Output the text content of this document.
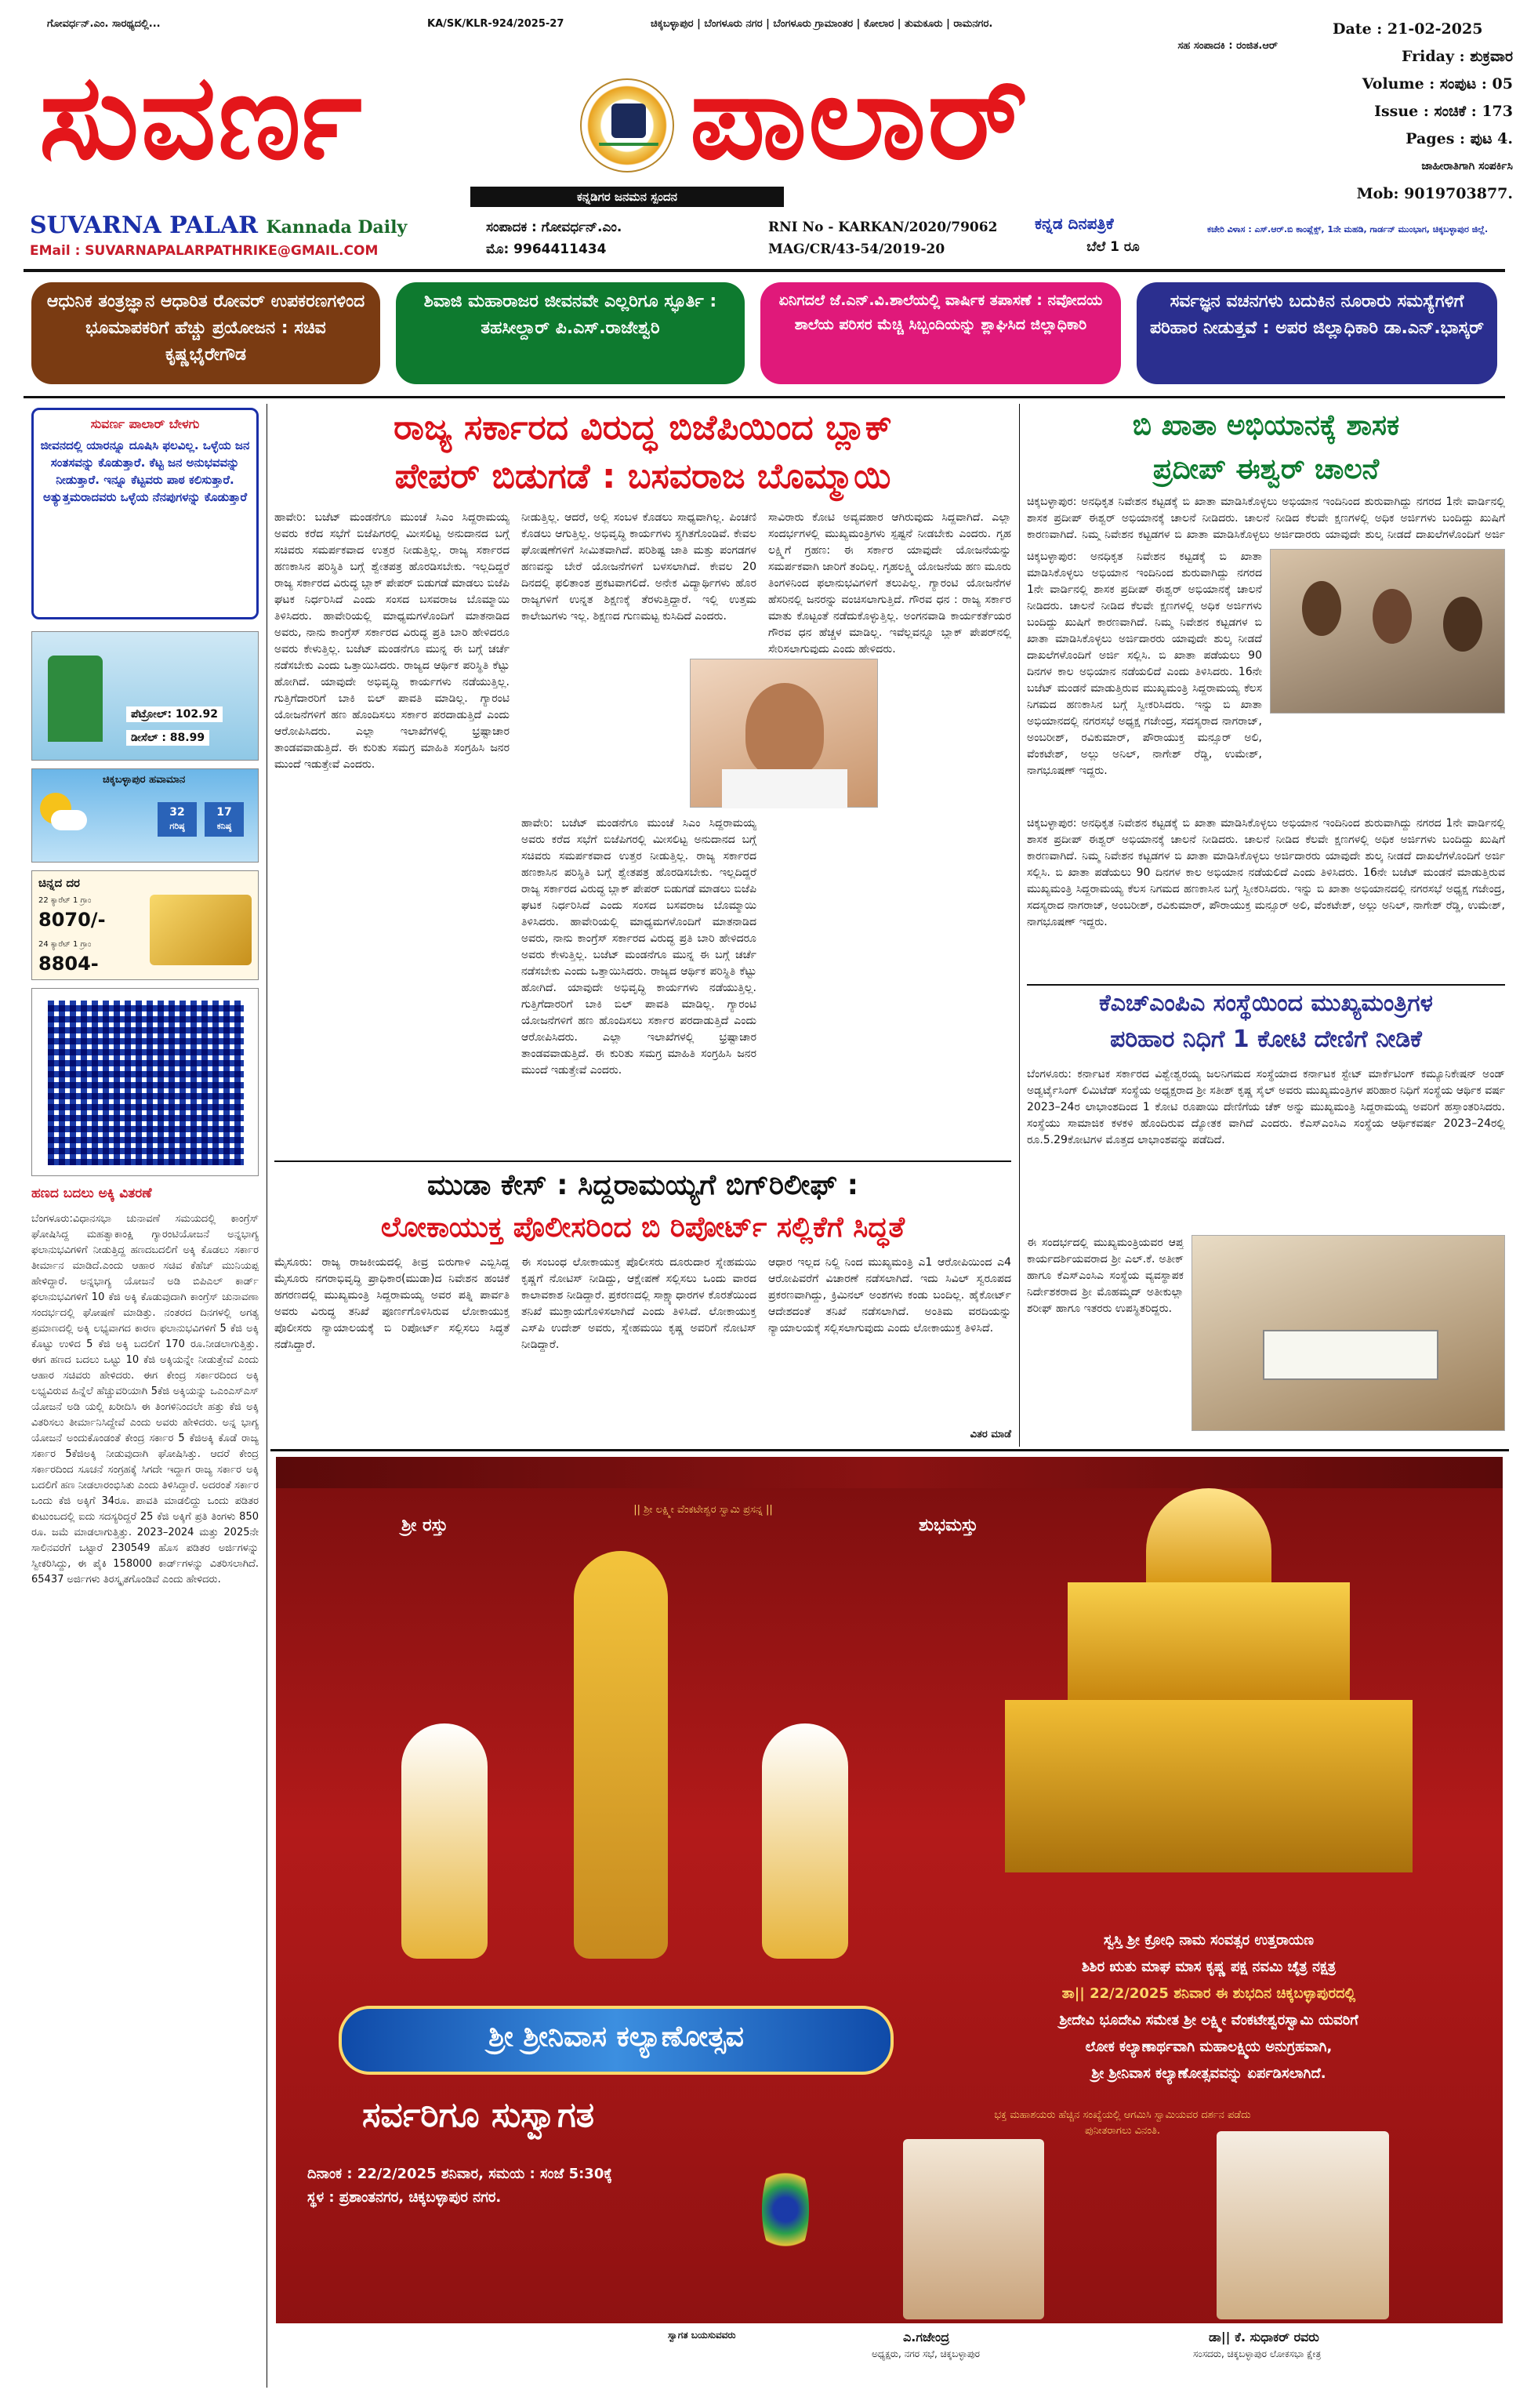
ಗೋವರ್ಧನ್.ಎಂ. ಸಾರಥ್ಯದಲ್ಲಿ...	KA/SK/KLR-924/2025-27	ಚಿಕ್ಕಬಳ್ಳಾಪುರ | ಬೆಂಗಳೂರು ನಗರ | ಬೆಂಗಳೂರು ಗ್ರಾಮಾಂತರ | ಕೋಲಾರ | ತುಮಕೂರು | ರಾಮನಗರ.
ಸಹ ಸಂಪಾದಕಿ : ರಂಜಿತ.ಆರ್
Date : 21-02-2025
Friday : ಶುಕ್ರವಾರ
Volume : ಸಂಪುಟ : 05
Issue : ಸಂಚಿಕೆ : 173
Pages : ಪುಟ 4.
ಜಾಹೀರಾತಿಗಾಗಿ ಸಂಪರ್ಕಿಸಿ
Mob: 9019703877.
ಸುವರ್ಣ	ಪಾಲಾರ್
ಕನ್ನಡಿಗರ ಜನಮನ ಸ್ಪಂದನ
SUVARNA PALAR Kannada Daily
EMail : SUVARNAPALARPATHRIKE@GMAIL.COM
ಸಂಪಾದಕ : ಗೋವರ್ಧನ್.ಎಂ.
ಮೊ: 9964411434
RNI No - KARKAN/2020/79062
MAG/CR/43-54/2019-20
ಕನ್ನಡ ದಿನಪತ್ರಿಕೆ
ಬೆಲೆ 1 ರೂ
ಕಚೇರಿ ವಿಳಾಸ : ಎಸ್.ಆರ್.ಬಿ ಕಾಂಪ್ಲೆಕ್ಸ್, 1ನೇ ಮಹಡಿ, ಗಾರ್ಡನ್ ಮುಂಭಾಗ, ಚಿಕ್ಕಬಳ್ಳಾಪುರ ಜಿಲ್ಲೆ.
ಆಧುನಿಕ ತಂತ್ರಜ್ಞಾನ ಆಧಾರಿತ ರೋವರ್ ಉಪಕರಣಗಳಿಂದ ಭೂಮಾಪಕರಿಗೆ ಹೆಚ್ಚು ಪ್ರಯೋಜನ : ಸಚಿವ ಕೃಷ್ಣಭೈರೇಗೌಡ
ಶಿವಾಜಿ ಮಹಾರಾಜರ ಜೀವನವೇ ಎಲ್ಲರಿಗೂ ಸ್ಫೂರ್ತಿ : ತಹಸೀಲ್ದಾರ್ ಪಿ.ಎಸ್.ರಾಜೇಶ್ವರಿ
ಏನಿಗದಲೆ ಜೆ.ಎನ್.ವಿ.ಶಾಲೆಯಲ್ಲಿ ವಾರ್ಷಿಕ ತಪಾಸಣೆ : ನವೋದಯ ಶಾಲೆಯ ಪರಿಸರ ಮೆಚ್ಚಿ ಸಿಬ್ಬಂದಿಯನ್ನು ಶ್ಲಾಘಿಸಿದ ಜಿಲ್ಲಾಧಿಕಾರಿ
ಸರ್ವಜ್ಞನ ವಚನಗಳು ಬದುಕಿನ ನೂರಾರು ಸಮಸ್ಯೆಗಳಿಗೆ ಪರಿಹಾರ ನೀಡುತ್ತವೆ : ಅಪರ ಜಿಲ್ಲಾಧಿಕಾರಿ ಡಾ.ಎನ್.ಭಾಸ್ಕರ್
ಸುವರ್ಣ ಪಾಲಾರ್ ಬೇಳಗು
ಜೀವನದಲ್ಲಿ ಯಾರನ್ನೂ ದೂಷಿಸಿ ಫಲವಿಲ್ಲ. ಒಳ್ಳೆಯ ಜನ ಸಂತಸವನ್ನು ಕೊಡುತ್ತಾರೆ. ಕೆಟ್ಟ ಜನ ಅನುಭವವನ್ನು ನೀಡುತ್ತಾರೆ. ಇನ್ನೂ ಕೆಟ್ಟವರು ಪಾಠ ಕಲಿಸುತ್ತಾರೆ. ಅತ್ಯುತ್ತಮರಾದವರು ಒಳ್ಳೆಯ ನೆನಪುಗಳನ್ನು ಕೊಡುತ್ತಾರೆ
ಪೆಟ್ರೋಲ್: 102.92
ಡೀಸೆಲ್ : 88.99
ಚಿಕ್ಕಬಳ್ಳಾಪುರ ಹವಾಮಾನ
32
ಗರಿಷ್ಠ
17
ಕನಿಷ್ಠ
ಚಿನ್ನದ ದರ
22 ಕ್ಯಾರೆಟ್ 1 ಗ್ರಾಂ
8070/-
24 ಕ್ಯಾರೆಟ್ 1 ಗ್ರಾಂ
8804-
ಹಣದ ಬದಲು ಅಕ್ಕಿ ವಿತರಣೆ
ಬೆಂಗಳೂರು:ವಿಧಾನಸಭಾ ಚುನಾವಣೆ ಸಮಯದಲ್ಲಿ ಕಾಂಗ್ರೆಸ್ ಘೋಷಿಸಿದ್ದ ಮಹತ್ವಾಕಾಂಕ್ಷಿ ಗ್ಯಾರಂಟಿಯೋಜನೆ ಅನ್ನಭಾಗ್ಯ ಫಲಾನುಭವಿಗಳಿಗೆ ನೀಡುತ್ತಿದ್ದ ಹಣದಬದಲಿಗೆ ಅಕ್ಕಿ ಕೊಡಲು ಸರ್ಕಾರ ತೀರ್ಮಾನ ಮಾಡಿದೆ.ಎಂದು ಆಹಾರ ಸಚಿವ ಕೆಹೆಚ್ ಮುನಿಯಪ್ಪ ಹೇಳಿದ್ದಾರೆ. ಅನ್ನಭಾಗ್ಯ ಯೋಜನೆ ಅಡಿ ಬಿಪಿಎಲ್ ಕಾರ್ಡ್ ಫಲಾನುಭವಿಗಳಿಗೆ 10 ಕೆಜಿ ಅಕ್ಕಿ ಕೊಡುವುದಾಗಿ ಕಾಂಗ್ರೆಸ್ ಚುನಾವಣಾ ಸಂದರ್ಭದಲ್ಲಿ ಘೋಷಣೆ ಮಾಡಿತ್ತು. ನಂತರದ ದಿನಗಳಲ್ಲಿ ಅಗತ್ಯ ಪ್ರಮಾಣದಲ್ಲಿ ಅಕ್ಕಿ ಲಭ್ಯವಾಗದ ಕಾರಣ ಫಲಾನುಭವಿಗಳಿಗೆ 5 ಕೆಜಿ ಅಕ್ಕಿ ಕೊಟ್ಟು ಉಳಿದ 5 ಕೆಜಿ ಅಕ್ಕಿ ಬದಲಿಗೆ 170 ರೂ.ನೀಡಲಾಗುತ್ತಿತ್ತು. ಈಗ ಹಣದ ಬದಲು ಒಟ್ಟು 10 ಕೆಜಿ ಅಕ್ಕಿಯನ್ನೇ ನೀಡುತ್ತೇವೆ ಎಂದು ಆಹಾರ ಸಚಿವರು ಹೇಳಿದರು. ಈಗ ಕೇಂದ್ರ ಸರ್ಕಾರದಿಂದ ಅಕ್ಕಿ ಲಭ್ಯವಿರುವ ಹಿನ್ನೆಲೆ ಹೆಚ್ಚುವರಿಯಾಗಿ 5ಕೆಜಿ ಅಕ್ಕಿಯನ್ನು ಒಎಂಎಸ್ಎಸ್ ಯೋಜನೆ ಅಡಿ ಯಲ್ಲಿ ಖರೀದಿಸಿ ಈ ತಿಂಗಳಿನಿಂದಲೇ ಹತ್ತು ಕೆಜಿ ಅಕ್ಕಿ ವಿತರಿಸಲು ತೀರ್ಮಾನಿಸಿದ್ದೇವೆ ಎಂದು ಅವರು ಹೇಳಿದರು. ಅನ್ನ ಭಾಗ್ಯ ಯೋಜನೆ ಅಂದುಕೊಂಡಂತೆ ಕೇಂದ್ರ ಸರ್ಕಾರ 5 ಕೆಜಿಅಕ್ಕಿ ಕೊಡೆ ರಾಜ್ಯ ಸರ್ಕಾರ 5ಕೆಜಿಅಕ್ಕಿ ನೀಡುವುದಾಗಿ ಘೋಷಿಸಿತ್ತು. ಆದರೆ ಕೇಂದ್ರ ಸರ್ಕಾರದಿಂದ ಸೂಚನೆ ಸಂಗ್ರಹಕ್ಕೆ ಸಿಗದೇ ಇದ್ದಾಗ ರಾಜ್ಯ ಸರ್ಕಾರ ಅಕ್ಕಿ ಬದಲಿಗೆ ಹಣ ನೀಡಲಾರಂಭಿಸಿತು ಎಂದು ತಿಳಿಸಿದ್ದಾರೆ. ಅದರಂತೆ ಸರ್ಕಾರ ಒಂದು ಕೆಜಿ ಅಕ್ಕಿಗೆ 34ರೂ. ಪಾವತಿ ಮಾಡಲಿದ್ದು ಒಂದು ಪಡಿತರ ಕುಟುಂಬದಲ್ಲಿ ಐದು ಸದಸ್ಯರಿದ್ದರೆ 25 ಕೆಜಿ ಅಕ್ಕಿಗೆ ಪ್ರತಿ ತಿಂಗಳು 850 ರೂ. ಜಮೆ ಮಾಡಲಾಗುತ್ತಿತ್ತು. 2023–2024 ಮತ್ತು 2025ನೇ ಸಾಲಿನವರೆಗೆ ಒಟ್ಟಾರೆ 230549 ಹೊಸ ಪಡಿತರ ಅರ್ಜಿಗಳನ್ನು ಸ್ವೀಕರಿಸಿದ್ದು, ಈ ಪೈಕಿ 158000 ಕಾರ್ಡ್‌ಗಳನ್ನು ವಿತರಿಸಲಾಗಿದೆ. 65437 ಅರ್ಜಿಗಳು ತಿರಸ್ಕೃತಗೊಂಡಿವೆ ಎಂದು ಹೇಳಿದರು.
ರಾಜ್ಯ ಸರ್ಕಾರದ ವಿರುದ್ಧ ಬಿಜೆಪಿಯಿಂದ ಬ್ಲಾಕ್
ಪೇಪರ್ ಬಿಡುಗಡೆ : ಬಸವರಾಜ ಬೊಮ್ಮಾಯಿ
ಹಾವೇರಿ: ಬಜೆಟ್ ಮಂಡನೆಗೂ ಮುಂಚೆ ಸಿಎಂ ಸಿದ್ದರಾಮಯ್ಯ ಅವರು ಕರೆದ ಸಭೆಗೆ ಬಿಜೆಪಿಗರಲ್ಲಿ ಮೀಸಲಿಟ್ಟ ಅನುದಾನದ ಬಗ್ಗೆ ಸಚಿವರು ಸಮರ್ಪಕವಾದ ಉತ್ತರ ನೀಡುತ್ತಿಲ್ಲ. ರಾಜ್ಯ ಸರ್ಕಾರದ ಹಣಕಾಸಿನ ಪರಿಸ್ಥಿತಿ ಬಗ್ಗೆ ಶ್ವೇತಪತ್ರ ಹೊರಡಿಸಬೇಕು. ಇಲ್ಲದಿದ್ದರೆ ರಾಜ್ಯ ಸರ್ಕಾರದ ವಿರುದ್ಧ ಬ್ಲಾಕ್ ಪೇಪರ್ ಬಿಡುಗಡೆ ಮಾಡಲು ಬಿಜೆಪಿ ಘಟಕ ನಿರ್ಧರಿಸಿದೆ ಎಂದು ಸಂಸದ ಬಸವರಾಜ ಬೊಮ್ಮಾಯಿ ತಿಳಿಸಿದರು. ಹಾವೇರಿಯಲ್ಲಿ ಮಾಧ್ಯಮಗಳೊಂದಿಗೆ ಮಾತನಾಡಿದ ಅವರು, ನಾನು ಕಾಂಗ್ರೆಸ್ ಸರ್ಕಾರದ ವಿರುದ್ಧ ಪ್ರತಿ ಬಾರಿ ಹೇಳಿದರೂ ಅವರು ಕೇಳುತ್ತಿಲ್ಲ. ಬಜೆಟ್ ಮಂಡನೆಗೂ ಮುನ್ನ ಈ ಬಗ್ಗೆ ಚರ್ಚೆ ನಡೆಸಬೇಕು ಎಂದು ಒತ್ತಾಯಿಸಿದರು. ರಾಜ್ಯದ ಆರ್ಥಿಕ ಪರಿಸ್ಥಿತಿ ಕೆಟ್ಟು ಹೋಗಿದೆ. ಯಾವುದೇ ಅಭಿವೃದ್ಧಿ ಕಾರ್ಯಗಳು ನಡೆಯುತ್ತಿಲ್ಲ. ಗುತ್ತಿಗೆದಾರರಿಗೆ ಬಾಕಿ ಬಿಲ್ ಪಾವತಿ ಮಾಡಿಲ್ಲ. ಗ್ಯಾರಂಟಿ ಯೋಜನೆಗಳಿಗೆ ಹಣ ಹೊಂದಿಸಲು ಸರ್ಕಾರ ಪರದಾಡುತ್ತಿದೆ ಎಂದು ಆರೋಪಿಸಿದರು. ಎಲ್ಲಾ ಇಲಾಖೆಗಳಲ್ಲಿ ಭ್ರಷ್ಟಾಚಾರ ತಾಂಡವವಾಡುತ್ತಿದೆ. ಈ ಕುರಿತು ಸಮಗ್ರ ಮಾಹಿತಿ ಸಂಗ್ರಹಿಸಿ ಜನರ ಮುಂದೆ ಇಡುತ್ತೇವೆ ಎಂದರು.
ನೀಡುತ್ತಿಲ್ಲ. ಆದರೆ, ಅಲ್ಲಿ ಸಂಬಳ ಕೊಡಲು ಸಾಧ್ಯವಾಗಿಲ್ಲ. ಪಿಂಚಣಿ ಕೊಡಲು ಆಗುತ್ತಿಲ್ಲ. ಅಭಿವೃದ್ಧಿ ಕಾರ್ಯಗಳು ಸ್ಥಗಿತಗೊಂಡಿವೆ. ಕೇವಲ ಘೋಷಣೆಗಳಿಗೆ ಸೀಮಿತವಾಗಿದೆ. ಪರಿಶಿಷ್ಟ ಜಾತಿ ಮತ್ತು ಪಂಗಡಗಳ ಹಣವನ್ನು ಬೇರೆ ಯೋಜನೆಗಳಿಗೆ ಬಳಸಲಾಗಿದೆ. ಕೇವಲ 20 ದಿನದಲ್ಲಿ ಫಲಿತಾಂಶ ಪ್ರಕಟವಾಗಲಿದೆ. ಅನೇಕ ವಿದ್ಯಾರ್ಥಿಗಳು ಹೊರ ರಾಜ್ಯಗಳಿಗೆ ಉನ್ನತ ಶಿಕ್ಷಣಕ್ಕೆ ತೆರಳುತ್ತಿದ್ದಾರೆ. ಇಲ್ಲಿ ಉತ್ತಮ ಕಾಲೇಜುಗಳು ಇಲ್ಲ. ಶಿಕ್ಷಣದ ಗುಣಮಟ್ಟ ಕುಸಿದಿದೆ ಎಂದರು.
ಹಾವೇರಿ: ಬಜೆಟ್ ಮಂಡನೆಗೂ ಮುಂಚೆ ಸಿಎಂ ಸಿದ್ದರಾಮಯ್ಯ ಅವರು ಕರೆದ ಸಭೆಗೆ ಬಿಜೆಪಿಗರಲ್ಲಿ ಮೀಸಲಿಟ್ಟ ಅನುದಾನದ ಬಗ್ಗೆ ಸಚಿವರು ಸಮರ್ಪಕವಾದ ಉತ್ತರ ನೀಡುತ್ತಿಲ್ಲ. ರಾಜ್ಯ ಸರ್ಕಾರದ ಹಣಕಾಸಿನ ಪರಿಸ್ಥಿತಿ ಬಗ್ಗೆ ಶ್ವೇತಪತ್ರ ಹೊರಡಿಸಬೇಕು. ಇಲ್ಲದಿದ್ದರೆ ರಾಜ್ಯ ಸರ್ಕಾರದ ವಿರುದ್ಧ ಬ್ಲಾಕ್ ಪೇಪರ್ ಬಿಡುಗಡೆ ಮಾಡಲು ಬಿಜೆಪಿ ಘಟಕ ನಿರ್ಧರಿಸಿದೆ ಎಂದು ಸಂಸದ ಬಸವರಾಜ ಬೊಮ್ಮಾಯಿ ತಿಳಿಸಿದರು. ಹಾವೇರಿಯಲ್ಲಿ ಮಾಧ್ಯಮಗಳೊಂದಿಗೆ ಮಾತನಾಡಿದ ಅವರು, ನಾನು ಕಾಂಗ್ರೆಸ್ ಸರ್ಕಾರದ ವಿರುದ್ಧ ಪ್ರತಿ ಬಾರಿ ಹೇಳಿದರೂ ಅವರು ಕೇಳುತ್ತಿಲ್ಲ. ಬಜೆಟ್ ಮಂಡನೆಗೂ ಮುನ್ನ ಈ ಬಗ್ಗೆ ಚರ್ಚೆ ನಡೆಸಬೇಕು ಎಂದು ಒತ್ತಾಯಿಸಿದರು. ರಾಜ್ಯದ ಆರ್ಥಿಕ ಪರಿಸ್ಥಿತಿ ಕೆಟ್ಟು ಹೋಗಿದೆ. ಯಾವುದೇ ಅಭಿವೃದ್ಧಿ ಕಾರ್ಯಗಳು ನಡೆಯುತ್ತಿಲ್ಲ. ಗುತ್ತಿಗೆದಾರರಿಗೆ ಬಾಕಿ ಬಿಲ್ ಪಾವತಿ ಮಾಡಿಲ್ಲ. ಗ್ಯಾರಂಟಿ ಯೋಜನೆಗಳಿಗೆ ಹಣ ಹೊಂದಿಸಲು ಸರ್ಕಾರ ಪರದಾಡುತ್ತಿದೆ ಎಂದು ಆರೋಪಿಸಿದರು. ಎಲ್ಲಾ ಇಲಾಖೆಗಳಲ್ಲಿ ಭ್ರಷ್ಟಾಚಾರ ತಾಂಡವವಾಡುತ್ತಿದೆ. ಈ ಕುರಿತು ಸಮಗ್ರ ಮಾಹಿತಿ ಸಂಗ್ರಹಿಸಿ ಜನರ ಮುಂದೆ ಇಡುತ್ತೇವೆ ಎಂದರು.
ಸಾವಿರಾರು ಕೋಟಿ ಅವ್ಯವಹಾರ ಆಗಿರುವುದು ಸಿದ್ದವಾಗಿದೆ. ಎಲ್ಲಾ ಸಂದರ್ಭಗಳಲ್ಲಿ ಮುಖ್ಯಮಂತ್ರಿಗಳು ಸ್ಪಷ್ಟನೆ ನೀಡಬೇಕು ಎಂದರು. ಗೃಹ ಲಕ್ಷ್ಮಿಗೆ ಗ್ರಹಣ: ಈ ಸರ್ಕಾರ ಯಾವುದೇ ಯೋಜನೆಯನ್ನು ಸಮರ್ಪಕವಾಗಿ ಜಾರಿಗೆ ತಂದಿಲ್ಲ. ಗೃಹಲಕ್ಷ್ಮಿ ಯೋಜನೆಯ ಹಣ ಮೂರು ತಿಂಗಳಿನಿಂದ ಫಲಾನುಭವಿಗಳಿಗೆ ತಲುಪಿಲ್ಲ. ಗ್ಯಾರಂಟಿ ಯೋಜನೆಗಳ ಹೆಸರಿನಲ್ಲಿ ಜನರನ್ನು ವಂಚಿಸಲಾಗುತ್ತಿದೆ. ಗೌರವ ಧನ : ರಾಜ್ಯ ಸರ್ಕಾರ ಮಾತು ಕೊಟ್ಟಂತೆ ನಡೆದುಕೊಳ್ಳುತ್ತಿಲ್ಲ. ಅಂಗನವಾಡಿ ಕಾರ್ಯಕರ್ತೆಯರ ಗೌರವ ಧನ ಹೆಚ್ಚಳ ಮಾಡಿಲ್ಲ. ಇವೆಲ್ಲವನ್ನೂ ಬ್ಲಾಕ್ ಪೇಪರ್‌ನಲ್ಲಿ ಸೇರಿಸಲಾಗುವುದು ಎಂದು ಹೇಳಿದರು.
ಮುಡಾ ಕೇಸ್ : ಸಿದ್ದರಾಮಯ್ಯಗೆ ಬಿಗ್‌ರಿಲೀಫ್ :
ಲೋಕಾಯುಕ್ತ ಪೊಲೀಸರಿಂದ ಬಿ ರಿಪೋರ್ಟ್ ಸಲ್ಲಿಕೆಗೆ ಸಿದ್ಧತೆ
ಮೈಸೂರು: ರಾಜ್ಯ ರಾಜಕೀಯದಲ್ಲಿ ತೀವ್ರ ಬಿರುಗಾಳಿ ಎಬ್ಬಿಸಿದ್ದ ಮೈಸೂರು ನಗರಾಭಿವೃದ್ಧಿ ಪ್ರಾಧಿಕಾರ(ಮುಡಾ)ದ ನಿವೇಶನ ಹಂಚಿಕೆ ಹಗರಣದಲ್ಲಿ ಮುಖ್ಯಮಂತ್ರಿ ಸಿದ್ದರಾಮಯ್ಯ ಅವರ ಪತ್ನಿ ಪಾರ್ವತಿ ಅವರು ವಿರುದ್ಧ ತನಿಖೆ ಪೂರ್ಣಗೊಳಿಸಿರುವ ಲೋಕಾಯುಕ್ತ ಪೊಲೀಸರು ನ್ಯಾಯಾಲಯಕ್ಕೆ ಬಿ ರಿಪೋರ್ಟ್ ಸಲ್ಲಿಸಲು ಸಿದ್ಧತೆ ನಡೆಸಿದ್ದಾರೆ.
ಈ ಸಂಬಂಧ ಲೋಕಾಯುಕ್ತ ಪೊಲೀಸರು ದೂರುದಾರ ಸ್ನೇಹಮಯಿ ಕೃಷ್ಣಗೆ ನೋಟಿಸ್ ನೀಡಿದ್ದು, ಆಕ್ಷೇಪಣೆ ಸಲ್ಲಿಸಲು ಒಂದು ವಾರದ ಕಾಲಾವಕಾಶ ನೀಡಿದ್ದಾರೆ. ಪ್ರಕರಣದಲ್ಲಿ ಸಾಕ್ಷ್ಯಾಧಾರಗಳ ಕೊರತೆಯಿಂದ ತನಿಖೆ ಮುಕ್ತಾಯಗೊಳಿಸಲಾಗಿದೆ ಎಂದು ತಿಳಿಸಿದೆ. ಲೋಕಾಯುಕ್ತ ಎಸ್‌ಪಿ ಉದೇಶ್ ಅವರು, ಸ್ನೇಹಮಯಿ ಕೃಷ್ಣ ಅವರಿಗೆ ನೋಟಿಸ್ ನೀಡಿದ್ದಾರೆ.
ಆಧಾರ ಇಲ್ಲದ ನಿಲ್ದಿ ನಿಂದ ಮುಖ್ಯಮಂತ್ರಿ ಎ1 ಆರೋಪಿಯಿಂದ ಎ4 ಆರೋಪಿವರೆಗೆ ವಿಚಾರಣೆ ನಡೆಸಲಾಗಿದೆ. ಇದು ಸಿವಿಲ್ ಸ್ವರೂಪದ ಪ್ರಕರಣವಾಗಿದ್ದು, ಕ್ರಿಮಿನಲ್ ಅಂಶಗಳು ಕಂಡು ಬಂದಿಲ್ಲ. ಹೈಕೋರ್ಟ್ ಆದೇಶದಂತೆ ತನಿಖೆ ನಡೆಸಲಾಗಿದೆ. ಅಂತಿಮ ವರದಿಯನ್ನು ನ್ಯಾಯಾಲಯಕ್ಕೆ ಸಲ್ಲಿಸಲಾಗುವುದು ಎಂದು ಲೋಕಾಯುಕ್ತ ತಿಳಿಸಿದೆ.
ವಿತರ ಮಾಡೆ
ಬಿ ಖಾತಾ ಅಭಿಯಾನಕ್ಕೆ ಶಾಸಕ
ಪ್ರದೀಪ್ ಈಶ್ವರ್ ಚಾಲನೆ
ಚಿಕ್ಕಬಳ್ಳಾಪುರ: ಅನಧಿಕೃತ ನಿವೇಶನ ಕಟ್ಟಡಕ್ಕೆ ಬಿ ಖಾತಾ ಮಾಡಿಸಿಕೊಳ್ಳಲು ಅಭಿಯಾನ ಇಂದಿನಿಂದ ಶುರುವಾಗಿದ್ದು ನಗರದ 1ನೇ ವಾರ್ಡಿನಲ್ಲಿ ಶಾಸಕ ಪ್ರದೀಪ್ ಈಶ್ವರ್ ಅಭಿಯಾನಕ್ಕೆ ಚಾಲನೆ ನೀಡಿದರು. ಚಾಲನೆ ನೀಡಿದ ಕೆಲವೇ ಕ್ಷಣಗಳಲ್ಲಿ ಅಧಿಕ ಅರ್ಜಿಗಳು ಬಂದಿದ್ದು ಖುಷಿಗೆ ಕಾರಣವಾಗಿದೆ. ನಿಮ್ಮ ನಿವೇಶನ ಕಟ್ಟಡಗಳ ಬಿ ಖಾತಾ ಮಾಡಿಸಿಕೊಳ್ಳಲು ಅರ್ಜಿದಾರರು ಯಾವುದೇ ಶುಲ್ಕ ನೀಡದೆ ದಾಖಲೆಗಳೊಂದಿಗೆ ಅರ್ಜಿ
ಚಿಕ್ಕಬಳ್ಳಾಪುರ: ಅನಧಿಕೃತ ನಿವೇಶನ ಕಟ್ಟಡಕ್ಕೆ ಬಿ ಖಾತಾ ಮಾಡಿಸಿಕೊಳ್ಳಲು ಅಭಿಯಾನ ಇಂದಿನಿಂದ ಶುರುವಾಗಿದ್ದು ನಗರದ 1ನೇ ವಾರ್ಡಿನಲ್ಲಿ ಶಾಸಕ ಪ್ರದೀಪ್ ಈಶ್ವರ್ ಅಭಿಯಾನಕ್ಕೆ ಚಾಲನೆ ನೀಡಿದರು. ಚಾಲನೆ ನೀಡಿದ ಕೆಲವೇ ಕ್ಷಣಗಳಲ್ಲಿ ಅಧಿಕ ಅರ್ಜಿಗಳು ಬಂದಿದ್ದು ಖುಷಿಗೆ ಕಾರಣವಾಗಿದೆ. ನಿಮ್ಮ ನಿವೇಶನ ಕಟ್ಟಡಗಳ ಬಿ ಖಾತಾ ಮಾಡಿಸಿಕೊಳ್ಳಲು ಅರ್ಜಿದಾರರು ಯಾವುದೇ ಶುಲ್ಕ ನೀಡದೆ ದಾಖಲೆಗಳೊಂದಿಗೆ ಅರ್ಜಿ ಸಲ್ಲಿಸಿ. ಬಿ ಖಾತಾ ಪಡೆಯಲು 90 ದಿನಗಳ ಕಾಲ ಅಭಿಯಾನ ನಡೆಯಲಿದೆ ಎಂದು ತಿಳಿಸಿದರು. 16ನೇ ಬಜೆಟ್ ಮಂಡನೆ ಮಾಡುತ್ತಿರುವ ಮುಖ್ಯಮಂತ್ರಿ ಸಿದ್ದರಾಮಯ್ಯ ಕೆಲಸ ನಿಗಮದ ಹಣಕಾಸಿನ ಬಗ್ಗೆ ಸ್ವೀಕರಿಸಿದರು. ಇನ್ನು ಬಿ ಖಾತಾ ಅಭಿಯಾನದಲ್ಲಿ ನಗರಸಭೆ ಅಧ್ಯಕ್ಷ ಗಜೇಂದ್ರ, ಸದಸ್ಯರಾದ ನಾಗರಾಜ್, ಅಂಬರೀಶ್, ರವಿಕುಮಾರ್, ಪೌರಾಯುಕ್ತ ಮನ್ಸೂರ್ ಅಲಿ, ವೆಂಕಟೇಶ್, ಅಲ್ಲು ಅನಿಲ್, ನಾಗೇಶ್ ರೆಡ್ಡಿ, ಉಮೇಶ್, ನಾಗಭೂಷಣ್ ಇದ್ದರು.
ಚಿಕ್ಕಬಳ್ಳಾಪುರ: ಅನಧಿಕೃತ ನಿವೇಶನ ಕಟ್ಟಡಕ್ಕೆ ಬಿ ಖಾತಾ ಮಾಡಿಸಿಕೊಳ್ಳಲು ಅಭಿಯಾನ ಇಂದಿನಿಂದ ಶುರುವಾಗಿದ್ದು ನಗರದ 1ನೇ ವಾರ್ಡಿನಲ್ಲಿ ಶಾಸಕ ಪ್ರದೀಪ್ ಈಶ್ವರ್ ಅಭಿಯಾನಕ್ಕೆ ಚಾಲನೆ ನೀಡಿದರು. ಚಾಲನೆ ನೀಡಿದ ಕೆಲವೇ ಕ್ಷಣಗಳಲ್ಲಿ ಅಧಿಕ ಅರ್ಜಿಗಳು ಬಂದಿದ್ದು ಖುಷಿಗೆ ಕಾರಣವಾಗಿದೆ. ನಿಮ್ಮ ನಿವೇಶನ ಕಟ್ಟಡಗಳ ಬಿ ಖಾತಾ ಮಾಡಿಸಿಕೊಳ್ಳಲು ಅರ್ಜಿದಾರರು ಯಾವುದೇ ಶುಲ್ಕ ನೀಡದೆ ದಾಖಲೆಗಳೊಂದಿಗೆ ಅರ್ಜಿ ಸಲ್ಲಿಸಿ. ಬಿ ಖಾತಾ ಪಡೆಯಲು 90 ದಿನಗಳ ಕಾಲ ಅಭಿಯಾನ ನಡೆಯಲಿದೆ ಎಂದು ತಿಳಿಸಿದರು. 16ನೇ ಬಜೆಟ್ ಮಂಡನೆ ಮಾಡುತ್ತಿರುವ ಮುಖ್ಯಮಂತ್ರಿ ಸಿದ್ದರಾಮಯ್ಯ ಕೆಲಸ ನಿಗಮದ ಹಣಕಾಸಿನ ಬಗ್ಗೆ ಸ್ವೀಕರಿಸಿದರು. ಇನ್ನು ಬಿ ಖಾತಾ ಅಭಿಯಾನದಲ್ಲಿ ನಗರಸಭೆ ಅಧ್ಯಕ್ಷ ಗಜೇಂದ್ರ, ಸದಸ್ಯರಾದ ನಾಗರಾಜ್, ಅಂಬರೀಶ್, ರವಿಕುಮಾರ್, ಪೌರಾಯುಕ್ತ ಮನ್ಸೂರ್ ಅಲಿ, ವೆಂಕಟೇಶ್, ಅಲ್ಲು ಅನಿಲ್, ನಾಗೇಶ್ ರೆಡ್ಡಿ, ಉಮೇಶ್, ನಾಗಭೂಷಣ್ ಇದ್ದರು.
ಕೆಎಚ್‌ಎಂಪಿಎ ಸಂಸ್ಥೆಯಿಂದ ಮುಖ್ಯಮಂತ್ರಿಗಳ
ಪರಿಹಾರ ನಿಧಿಗೆ 1 ಕೋಟಿ ದೇಣಿಗೆ ನೀಡಿಕೆ
ಬೆಂಗಳೂರು: ಕರ್ನಾಟಕ ಸರ್ಕಾರದ ವಿಶ್ವೇಶ್ವರಯ್ಯ ಜಲನಿಗಮದ ಸಂಸ್ಥೆಯಾದ ಕರ್ನಾಟಕ ಸ್ಟೇಟ್ ಮಾರ್ಕೆಟಿಂಗ್ ಕಮ್ಯೂನಿಕೇಷನ್ ಅಂಡ್ ಅಡ್ವರ್ಟೈಸಿಂಗ್ ಲಿಮಿಟೆಡ್ ಸಂಸ್ಥೆಯ ಅಧ್ಯಕ್ಷರಾದ ಶ್ರೀ ಸತೀಶ್ ಕೃಷ್ಣ ಸೈಲ್ ಅವರು ಮುಖ್ಯಮಂತ್ರಿಗಳ ಪರಿಹಾರ ನಿಧಿಗೆ ಸಂಸ್ಥೆಯ ಆರ್ಥಿಕ ವರ್ಷ 2023–24ರ ಲಾಭಾಂಶದಿಂದ 1 ಕೋಟಿ ರೂಪಾಯಿ ದೇಣಿಗೆಯ ಚೆಕ್ ಅನ್ನು ಮುಖ್ಯಮಂತ್ರಿ ಸಿದ್ದರಾಮಯ್ಯ ಅವರಿಗೆ ಹಸ್ತಾಂತರಿಸಿದರು. ಸಂಸ್ಥೆಯು ಸಾಮಾಜಿಕ ಕಳಕಳಿ ಹೊಂದಿರುವ ದ್ಯೋತಕ ವಾಗಿದೆ ಎಂದರು. ಕೆಎಸ್‌ಎಂಸಿಎ ಸಂಸ್ಥೆಯ ಆರ್ಥಿಕವರ್ಷ 2023–24ರಲ್ಲಿ ರೂ.5.29ಕೋಟಿಗಳ ಮೊತ್ತದ ಲಾಭಾಂಶವನ್ನು ಪಡೆದಿದೆ.
ಈ ಸಂದರ್ಭದಲ್ಲಿ ಮುಖ್ಯಮಂತ್ರಿಯವರ ಆಪ್ತ ಕಾರ್ಯದರ್ಶಿಯವರಾದ ಶ್ರೀ ಎಲ್.ಕೆ. ಅತೀಕ್ ಹಾಗೂ ಕೆಎಸ್‌ಎಂಸಿಎ ಸಂಸ್ಥೆಯ ವ್ಯವಸ್ಥಾಪಕ ನಿರ್ದೇಶಕರಾದ ಶ್ರೀ ಮೊಹಮ್ಮದ್ ಅತೀಕುಲ್ಲಾ ಶರೀಫ್ ಹಾಗೂ ಇತರರು ಉಪಸ್ಥಿತರಿದ್ದರು.
ಶ್ರೀ ರಸ್ತು
|| ಶ್ರೀ ಲಕ್ಷ್ಮೀ ವೆಂಕಟೇಶ್ವರ ಸ್ವಾಮಿ ಪ್ರಸನ್ನ ||
ಶುಭಮಸ್ತು
ಸ್ವಸ್ತಿ ಶ್ರೀ ಕ್ರೋಧಿ ನಾಮ ಸಂವತ್ಸರ ಉತ್ತರಾಯಣ
ಶಿಶಿರ ಋತು ಮಾಘ ಮಾಸ ಕೃಷ್ಣ ಪಕ್ಷ ನವಮಿ ಚೈತ್ರ ನಕ್ಷತ್ರ
ತಾ|| 22/2/2025 ಶನಿವಾರ ಈ ಶುಭದಿನ ಚಿಕ್ಕಬಳ್ಳಾಪುರದಲ್ಲಿ
ಶ್ರೀದೇವಿ ಭೂದೇವಿ ಸಮೇತ ಶ್ರೀ ಲಕ್ಷ್ಮೀ ವೆಂಕಟೇಶ್ವರಸ್ವಾಮಿ ಯವರಿಗೆ
ಲೋಕ ಕಲ್ಯಾಣಾರ್ಥವಾಗಿ ಮಹಾಲಕ್ಷ್ಮಿಯ ಅನುಗ್ರಹವಾಗಿ,
ಶ್ರೀ ಶ್ರೀನಿವಾಸ ಕಲ್ಯಾಣೋತ್ಸವವನ್ನು ಏರ್ಪಡಿಸಲಾಗಿದೆ.
ಭಕ್ತ ಮಹಾಶಯರು ಹೆಚ್ಚಿನ ಸಂಖ್ಯೆಯಲ್ಲಿ ಆಗಮಿಸಿ ಸ್ವಾಮಿಯವರ ದರ್ಶನ ಪಡೆದು ಪುನೀತರಾಗಲು ವಿನಂತಿ.
ಶ್ರೀ ಶ್ರೀನಿವಾಸ ಕಲ್ಯಾಣೋತ್ಸವ
ಸರ್ವರಿಗೂ ಸುಸ್ವಾಗತ
ದಿನಾಂಕ : 22/2/2025 ಶನಿವಾರ, ಸಮಯ : ಸಂಜೆ 5:30ಕ್ಕೆ
ಸ್ಥಳ : ಪ್ರಶಾಂತನಗರ, ಚಿಕ್ಕಬಳ್ಳಾಪುರ ನಗರ.
ಸ್ವಾಗತ ಬಯಸುವವರು	ಎ.ಗಜೇಂದ್ರ
ಅಧ್ಯಕ್ಷರು, ನಗರ ಸಭೆ, ಚಿಕ್ಕಬಳ್ಳಾಪುರ
ಡಾ|| ಕೆ. ಸುಧಾಕರ್ ರವರು
ಸಂಸದರು, ಚಿಕ್ಕಬಳ್ಳಾಪುರ ಲೋಕಸಭಾ ಕ್ಷೇತ್ರ
